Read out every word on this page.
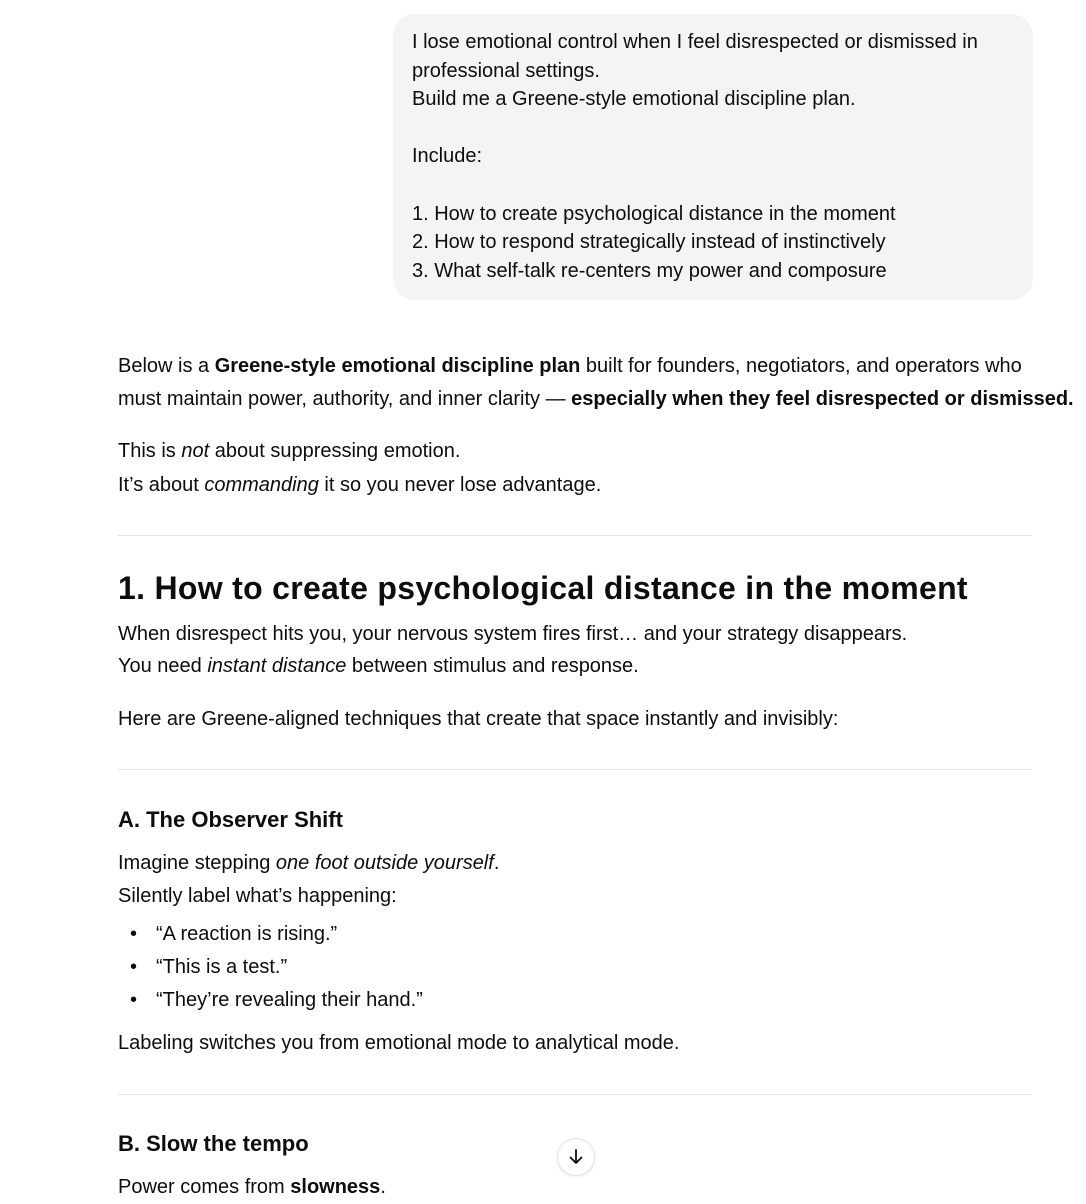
I lose emotional control when I feel disrespected or dismissed in

professional settings.

Build me a Greene-style emotional discipline plan.

Include:

1. How to create psychological distance in the moment

2. How to respond strategically instead of instinctively

3. What self-talk re-centers my power and composure

Below is a Greene-style emotional discipline plan built for founders, negotiators, and operators who
must maintain power, authority, and inner clarity — especially when they feel disrespected or dismissed.
This is not about suppressing emotion.
It’s about commanding it so you never lose advantage.
1. How to create psychological distance in the moment
When disrespect hits you, your nervous system fires first… and your strategy disappears.
You need instant distance between stimulus and response.
Here are Greene-aligned techniques that create that space instantly and invisibly:
A. The Observer Shift
Imagine stepping one foot outside yourself.
Silently label what’s happening:
• “A reaction is rising.”
• “This is a test.”
• “They’re revealing their hand.”
Labeling switches you from emotional mode to analytical mode.
B. Slow the tempo
Power comes from slowness.
